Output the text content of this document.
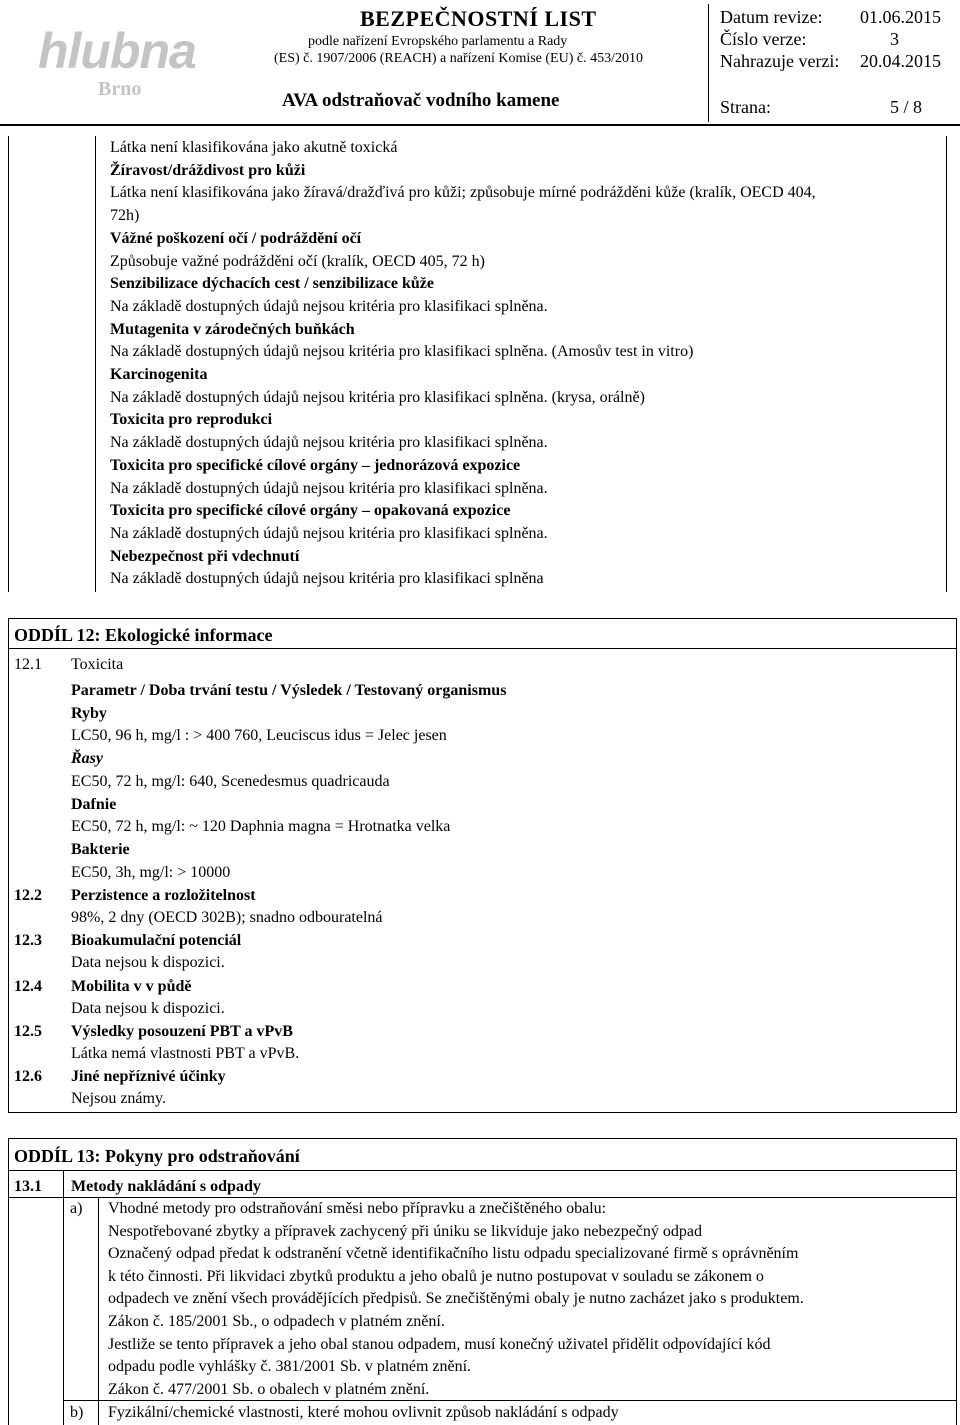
hlubna
Brno
BEZPEČNOSTNÍ LIST
podle nařízení Evropského parlamentu a Rady
(ES) č. 1907/2006 (REACH) a nařízení Komise (EU) č. 453/2010
AVA odstraňovač vodního kamene
Datum revize: 01.06.2015
Číslo verze:	3
Nahrazuje verzi: 20.04.2015
Strana:	5 / 8
Látka není klasifikována jako akutně toxická
Žíravost/dráždivost pro kůži
Látka není klasifikována jako žíravá/dražďivá pro kůži; způsobuje mírné podrážděni kůže (kralík, OECD 404,
72h)
Vážné poškození očí / podráždění očí
Způsobuje važné podrážděni očí (kralík, OECD 405, 72 h)
Senzibilizace dýchacích cest / senzibilizace kůže
Na základě dostupných údajů nejsou kritéria pro klasifikaci splněna.
Mutagenita v zárodečných buňkách
Na základě dostupných údajů nejsou kritéria pro klasifikaci splněna. (Amosův test in vitro)
Karcinogenita
Na základě dostupných údajů nejsou kritéria pro klasifikaci splněna. (krysa, orálně)
Toxicita pro reprodukci
Na základě dostupných údajů nejsou kritéria pro klasifikaci splněna.
Toxicita pro specifické cílové orgány – jednorázová expozice
Na základě dostupných údajů nejsou kritéria pro klasifikaci splněna.
Toxicita pro specifické cílové orgány – opakovaná expozice
Na základě dostupných údajů nejsou kritéria pro klasifikaci splněna.
Nebezpečnost při vdechnutí
Na základě dostupných údajů nejsou kritéria pro klasifikaci splněna
ODDÍL 12: Ekologické informace
12.1 Toxicita
Parametr / Doba trvání testu / Výsledek / Testovaný organismus
Ryby
LC50, 96 h, mg/l : > 400 760, Leuciscus idus = Jelec jesen
Řasy
EC50, 72 h, mg/l: 640, Scenedesmus quadricauda
Dafnie
EC50, 72 h, mg/l: ~ 120 Daphnia magna = Hrotnatka velka
Bakterie
EC50, 3h, mg/l: > 10000
12.2 Perzistence a rozložitelnost
98%, 2 dny (OECD 302B); snadno odbouratelná
12.3 Bioakumulační potenciál
Data nejsou k dispozici.
12.4 Mobilita v v půdě
Data nejsou k dispozici.
12.5 Výsledky posouzení PBT a vPvB
Látka nemá vlastnosti PBT a vPvB.
12.6 Jiné nepříznivé účinky
Nejsou známy.
ODDÍL 13: Pokyny pro odstraňování
13.1 Metody nakládání s odpady
a) Vhodné metody pro odstraňování směsi nebo přípravku a znečištěného obalu:
Nespotřebované zbytky a přípravek zachycený při úniku se likviduje jako nebezpečný odpad
Označený odpad předat k odstranění včetně identifikačního listu odpadu specializované firmě s oprávněním
k této činnosti. Při likvidaci zbytků produktu a jeho obalů je nutno postupovat v souladu se zákonem o
odpadech ve znění všech provádějících předpisů. Se znečištěnými obaly je nutno zacházet jako s produktem.
Zákon č. 185/2001 Sb., o odpadech v platném znění.
Jestliže se tento přípravek a jeho obal stanou odpadem, musí konečný uživatel přidělit odpovídající kód
odpadu podle vyhlášky č. 381/2001 Sb. v platném znění.
Zákon č. 477/2001 Sb. o obalech v platném znění.
b) Fyzikální/chemické vlastnosti, které mohou ovlivnit způsob nakládání s odpady
